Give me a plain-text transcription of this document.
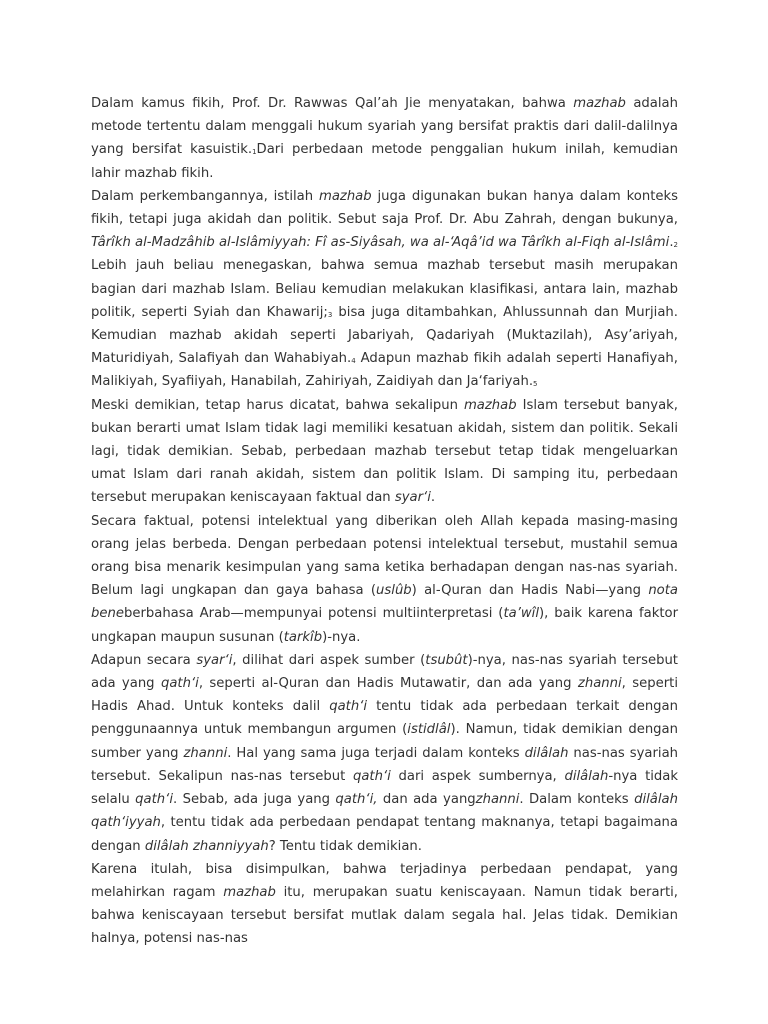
Dalam kamus fikih, Prof. Dr. Rawwas Qal’ah Jie menyatakan, bahwa mazhab adalah metode tertentu dalam menggali hukum syariah yang bersifat praktis dari dalil-dalilnya yang bersifat $kasuistik._1Dari$ perbedaan metode penggalian hukum inilah, kemudian lahir mazhab fikih.

Dalam perkembangannya, istilah mazhab juga digunakan bukan hanya dalam konteks fikih, tetapi juga akidah dan politik. Sebut saja Prof. Dr. Abu Zahrah, dengan bukunya, Târîkh al-Madzâhib al-Islâmiyyah: Fî as-Siyâsah, wa al-‘Aqâ’id wa Târîkh al-Fiqh $al-Islâmi._2$ Lebih jauh beliau menegaskan, bahwa semua mazhab tersebut masih merupakan bagian dari mazhab Islam. Beliau kemudian melakukan klasifikasi, antara lain, mazhab politik, seperti Syiah dan $Khawarij;_3$ bisa juga ditambahkan, Ahlussunnah dan Murjiah. Kemudian mazhab akidah seperti Jabariyah, Qadariyah (Muktazilah), Asy’ariyah, Maturidiyah, Salafiyah dan $Wahabiyah._4$ Adapun mazhab fikih adalah seperti Hanafiyah, Malikiyah, Syafiiyah, Hanabilah, Zahiriyah, Zaidiyah dan $Ja‘fariyah._5$

Meski demikian, tetap harus dicatat, bahwa sekalipun mazhab Islam tersebut banyak, bukan berarti umat Islam tidak lagi memiliki kesatuan akidah, sistem dan politik. Sekali lagi, tidak demikian. Sebab, perbedaan mazhab tersebut tetap tidak mengeluarkan umat Islam dari ranah akidah, sistem dan politik Islam. Di samping itu, perbedaan tersebut merupakan keniscayaan faktual dan syar‘i.

Secara faktual, potensi intelektual yang diberikan oleh Allah kepada masing-masing orang jelas berbeda. Dengan perbedaan potensi intelektual tersebut, mustahil semua orang bisa menarik kesimpulan yang sama ketika berhadapan dengan nas-nas syariah. Belum lagi ungkapan dan gaya bahasa (uslûb) al-Quran dan Hadis Nabi—yang nota beneberbahasa Arab—mempunyai potensi multiinterpretasi (ta’wîl), baik karena faktor ungkapan maupun susunan (tarkîb)-nya.

Adapun secara syar‘i, dilihat dari aspek sumber (tsubût)-nya, nas-nas syariah tersebut ada yang qath‘i, seperti al-Quran dan Hadis Mutawatir, dan ada yang zhanni, seperti Hadis Ahad. Untuk konteks dalil qath‘i tentu tidak ada perbedaan terkait dengan penggunaannya untuk membangun argumen (istidlâl). Namun, tidak demikian dengan sumber yang zhanni. Hal yang sama juga terjadi dalam konteks dilâlah nas-nas syariah tersebut. Sekalipun nas-nas tersebut qath‘i dari aspek sumbernya, dilâlah-nya tidak selalu qath‘i. Sebab, ada juga yang qath‘i, dan ada yangzhanni. Dalam konteks dilâlah qath‘iyyah, tentu tidak ada perbedaan pendapat tentang maknanya, tetapi bagaimana dengan dilâlah zhanniyyah? Tentu tidak demikian.

Karena itulah, bisa disimpulkan, bahwa terjadinya perbedaan pendapat, yang melahirkan ragam mazhab itu, merupakan suatu keniscayaan. Namun tidak berarti, bahwa keniscayaan tersebut bersifat mutlak dalam segala hal. Jelas tidak. Demikian halnya, potensi nas-nas
